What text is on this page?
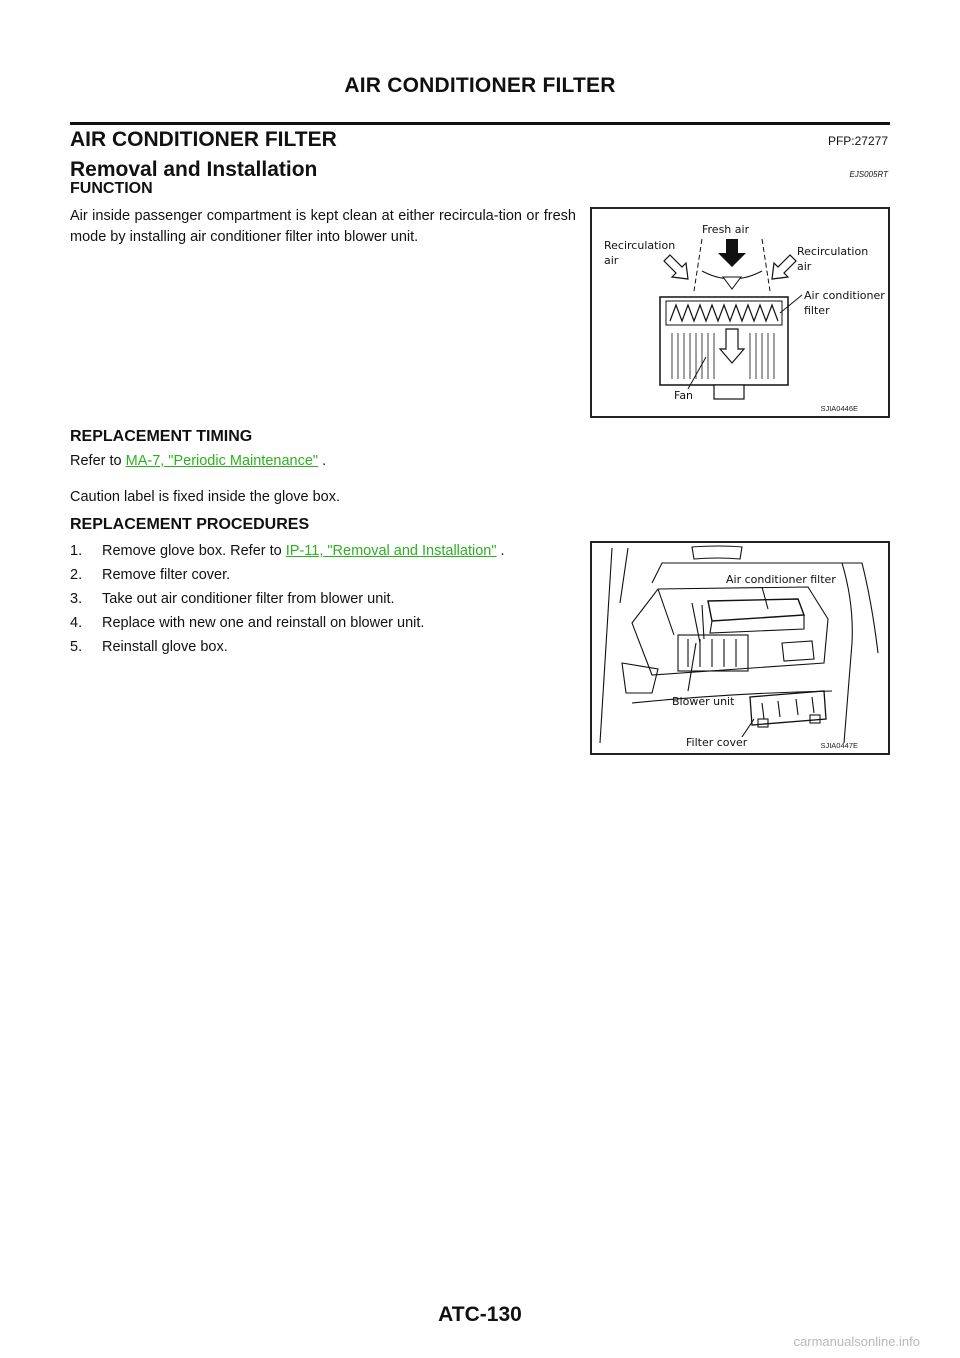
AIR CONDITIONER FILTER
AIR CONDITIONER FILTER	PFP:27277
Removal and Installation	EJS005RT
FUNCTION
Air inside passenger compartment is kept clean at either recircula-tion or fresh mode by installing air conditioner filter into blower unit.	Fresh air
Recirculation
air
Recirculation
air
Air conditioner
filter
Fan
SJIA0446E
REPLACEMENT TIMING
Refer to MA-7, "Periodic Maintenance" .
Caution label is fixed inside the glove box.
REPLACEMENT PROCEDURES
1. Remove glove box. Refer to IP-11, "Removal and Installation" .
2. Remove filter cover.
3. Take out air conditioner filter from blower unit.
4. Replace with new one and reinstall on blower unit.
5. Reinstall glove box.
Air conditioner filter
Blower unit
Filter cover	SJIA0447E
ATC-130
carmanualsonline.info
